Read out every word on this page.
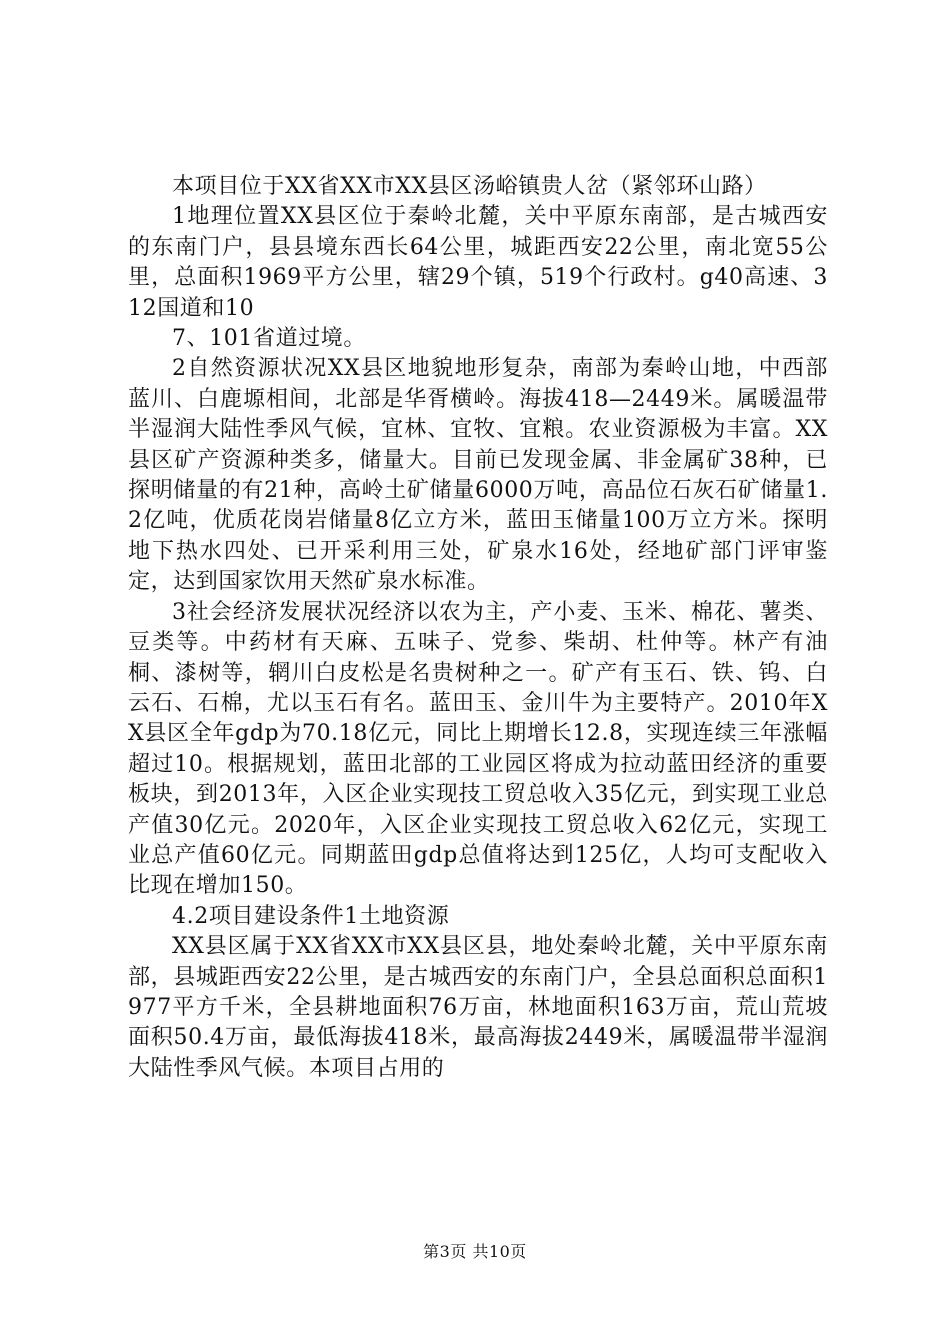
本项目位于XX省XX市XX县区汤峪镇贵人岔（紧邻环山路）

1地理位置XX县区位于秦岭北麓，关中平原东南部，是古城西安的东南门户，县县境东西长64公里，城距西安22公里，南北宽55公里，总面积1969平方公里，辖29个镇，519个行政村。g40高速、312国道和10

7、101省道过境。

2自然资源状况XX县区地貌地形复杂，南部为秦岭山地，中西部蓝川、白鹿塬相间，北部是华胥横岭。海拔418—2449米。属暖温带半湿润大陆性季风气候，宜林、宜牧、宜粮。农业资源极为丰富。XX县区矿产资源种类多，储量大。目前已发现金属、非金属矿38种，已探明储量的有21种，高岭土矿储量6000万吨，高品位石灰石矿储量1.2亿吨，优质花岗岩储量8亿立方米，蓝田玉储量100万立方米。探明地下热水四处、已开采利用三处，矿泉水16处，经地矿部门评审鉴定，达到国家饮用天然矿泉水标准。

3社会经济发展状况经济以农为主，产小麦、玉米、棉花、薯类、豆类等。中药材有天麻、五味子、党参、柴胡、杜仲等。林产有油桐、漆树等，辋川白皮松是名贵树种之一。矿产有玉石、铁、钨、白云石、石棉，尤以玉石有名。蓝田玉、金川牛为主要特产。2010年XX县区全年gdp为70.18亿元，同比上期增长12.8，实现连续三年涨幅超过10。根据规划，蓝田北部的工业园区将成为拉动蓝田经济的重要板块，到2013年，入区企业实现技工贸总收入35亿元，到实现工业总产值30亿元。2020年，入区企业实现技工贸总收入62亿元，实现工业总产值60亿元。同期蓝田gdp总值将达到125亿，人均可支配收入比现在增加150。

4.2项目建设条件1土地资源

XX县区属于XX省XX市XX县区县，地处秦岭北麓，关中平原东南部，县城距西安22公里，是古城西安的东南门户，全县总面积总面积1977平方千米，全县耕地面积76万亩，林地面积163万亩，荒山荒坡面积50.4万亩，最低海拔418米，最高海拔2449米，属暖温带半湿润大陆性季风气候。本项目占用的

第3页 共10页
